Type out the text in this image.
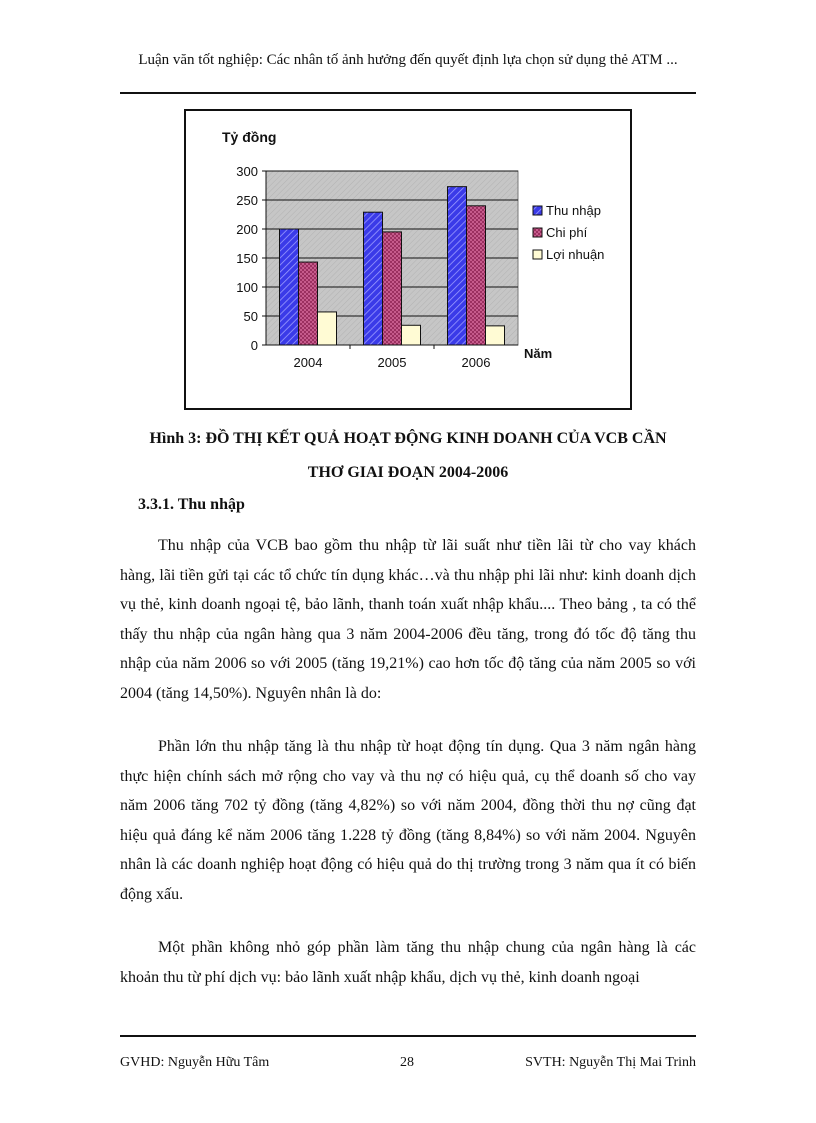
Luận văn tốt nghiệp: Các nhân tố ảnh hưởng đến quyết định lựa chọn sử dụng thẻ ATM ...
Tỷ đồng
Năm
0
50
100
150
200
250
300
2004	2005	2006
Thu nhập
Chi phí
Lợi nhuận
Hình 3: ĐỒ THỊ KẾT QUẢ HOẠT ĐỘNG KINH DOANH CỦA VCB CẦN
THƠ GIAI ĐOẠN 2004-2006
3.3.1. Thu nhập

Thu nhập của VCB bao gồm thu nhập từ lãi suất như tiền lãi từ cho vay khách hàng, lãi tiền gửi tại các tổ chức tín dụng khác…và thu nhập phi lãi như: kinh doanh dịch vụ thẻ, kinh doanh ngoại tệ, bảo lãnh, thanh toán xuất nhập khẩu.... Theo bảng , ta có thể thấy thu nhập của ngân hàng qua 3 năm 2004-2006 đều tăng, trong đó tốc độ tăng thu nhập của năm 2006 so với 2005 (tăng 19,21%) cao hơn tốc độ tăng của năm 2005 so với 2004 (tăng 14,50%). Nguyên nhân là do:

Phần lớn thu nhập tăng là thu nhập từ hoạt động tín dụng. Qua 3 năm ngân hàng thực hiện chính sách mở rộng cho vay và thu nợ có hiệu quả, cụ thể doanh số cho vay năm 2006 tăng 702 tỷ đồng (tăng 4,82%) so với năm 2004, đồng thời thu nợ cũng đạt hiệu quả đáng kể năm 2006 tăng 1.228 tỷ đồng (tăng 8,84%) so với năm 2004. Nguyên nhân là các doanh nghiệp hoạt động có hiệu quả do thị trường trong 3 năm qua ít có biến động xấu.

Một phần không nhỏ góp phần làm tăng thu nhập chung của ngân hàng là các khoản thu từ phí dịch vụ: bảo lãnh xuất nhập khẩu, dịch vụ thẻ, kinh doanh ngoại

GVHD: Nguyễn Hữu Tâm	28	SVTH: Nguyễn Thị Mai Trinh
